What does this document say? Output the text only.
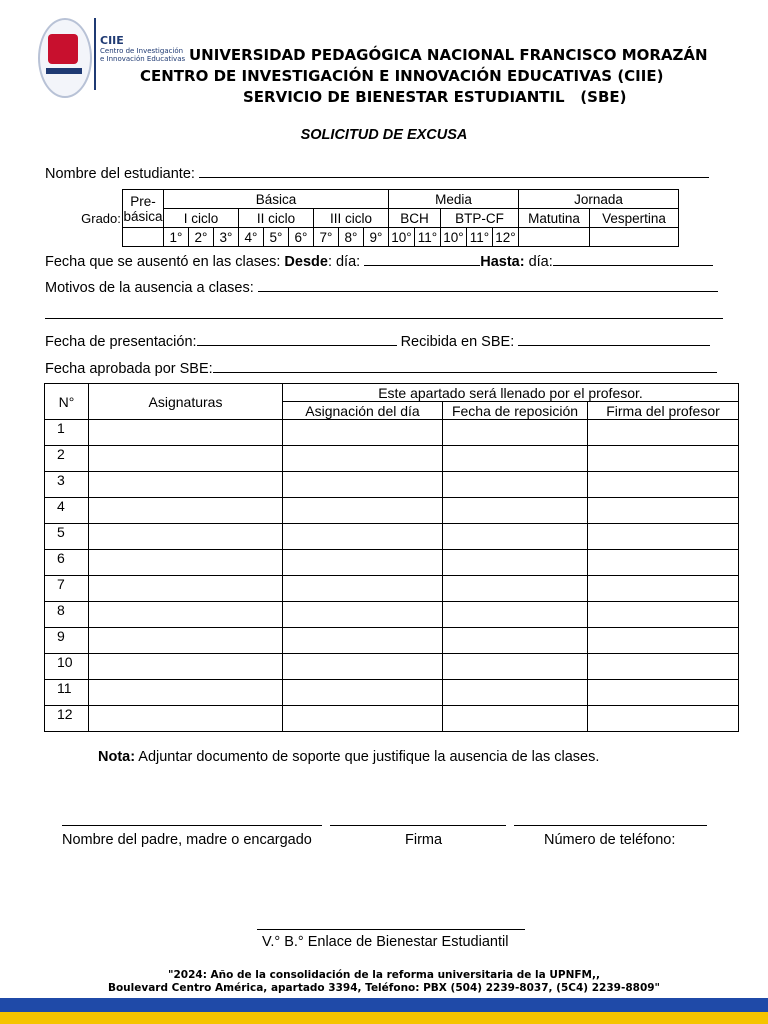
CIIE
Centro de Investigación
e Innovación Educativas UNIVERSIDAD PEDAGÓGICA NACIONAL FRANCISCO MORAZÁN
CENTRO DE INVESTIGACIÓN E INNOVACIÓN EDUCATIVAS (CIIE)
SERVICIO DE BIENESTAR ESTUDIANTIL   (SBE)
SOLICITUD DE EXCUSA
Nombre del estudiante:
Grado:	Pre-
básica	Básica									Media					Jornada	
		I ciclo			II ciclo			III ciclo			BCH		BTP-CF			Matutina	Vespertina
		1°	2°	3°	4°	5°	6°	7°	8°	9°	10°	11°	10°	11°	12°		
Fecha que se ausentó en las clases: Desde: día:	Hasta: día:
Motivos de la ausencia a clases:
Fecha de presentación:	Recibida en SBE:
Fecha aprobada por SBE:
N°	Asignaturas	Este apartado será llenado por el profesor.		
		Asignación del día	Fecha de reposición	Firma del profesor
1				
2				
3				
4				
5				
6				
7				
8				
9				
10				
11				
12				
Nota: Adjuntar documento de soporte que justifique la ausencia de las clases.
Nombre del padre, madre o encargado	Firma	Número de teléfono:
V.° B.° Enlace de Bienestar Estudiantil
"2024: Año de la consolidación de la reforma universitaria de la UPNFM,,
Boulevard Centro América, apartado 3394, Teléfono: PBX (504) 2239-8037, (5C4) 2239-8809"
